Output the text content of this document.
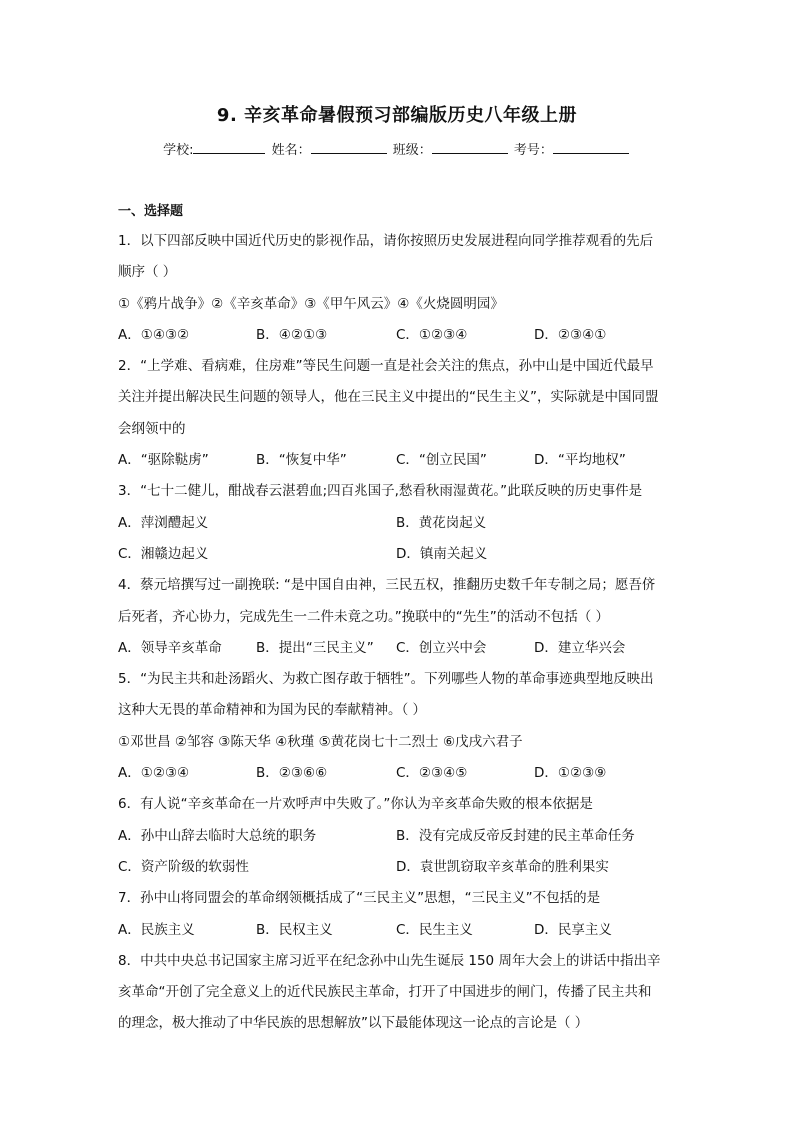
9. 辛亥革命暑假预习部编版历史八年级上册
学校:	姓名：	班级：	考号：
一、选择题
1．以下四部反映中国近代历史的影视作品，请你按照历史发展进程向同学推荐观看的先后
顺序（ ）
①《鸦片战争》②《辛亥革命》③《甲午风云》④《火烧圆明园》
A．①④③②	B．④②①③	C．①②③④	D．②③④①
2．“上学难、看病难，住房难”等民生问题一直是社会关注的焦点，孙中山是中国近代最早
关注并提出解决民生问题的领导人，他在三民主义中提出的“民生主义”，实际就是中国同盟
会纲领中的
A．“驱除鞑虏”	B．“恢复中华”	C．“创立民国”	D．“平均地权”
3．“七十二健儿，酣战春云湛碧血;四百兆国子,愁看秋雨湿黄花。”此联反映的历史事件是
A．萍浏醴起义	B．黄花岗起义
C．湘赣边起义	D．镇南关起义
4．蔡元培撰写过一副挽联: “是中国自由神，三民五权，推翻历史数千年专制之局；愿吾侪
后死者，齐心协力，完成先生一二件未竟之功。”挽联中的“先生”的活动不包括（ ）
A．领导辛亥革命	B．提出“三民主义” C．创立兴中会	D．建立华兴会
5．“为民主共和赴汤蹈火、为救亡图存敢于牺牲”。下列哪些人物的革命事迹典型地反映出
这种大无畏的革命精神和为国为民的奉献精神。（ ）
①邓世昌 ②邹容 ③陈天华 ④秋瑾 ⑤黄花岗七十二烈士 ⑥戊戌六君子
A．①②③④	B．②③⑥⑥	C．②③④⑤	D．①②③⑨
6．有人说“辛亥革命在一片欢呼声中失败了。”你认为辛亥革命失败的根本依据是
A．孙中山辞去临时大总统的职务	B．没有完成反帝反封建的民主革命任务
C．资产阶级的软弱性	D．袁世凯窃取辛亥革命的胜利果实
7．孙中山将同盟会的革命纲领概括成了“三民主义”思想，“三民主义”不包括的是
A．民族主义	B．民权主义	C．民生主义	D．民享主义
8．中共中央总书记国家主席习近平在纪念孙中山先生诞辰 150 周年大会上的讲话中指出辛
亥革命“开创了完全意义上的近代民族民主革命，打开了中国进步的闸门，传播了民主共和
的理念，极大推动了中华民族的思想解放”以下最能体现这一论点的言论是（ ）
